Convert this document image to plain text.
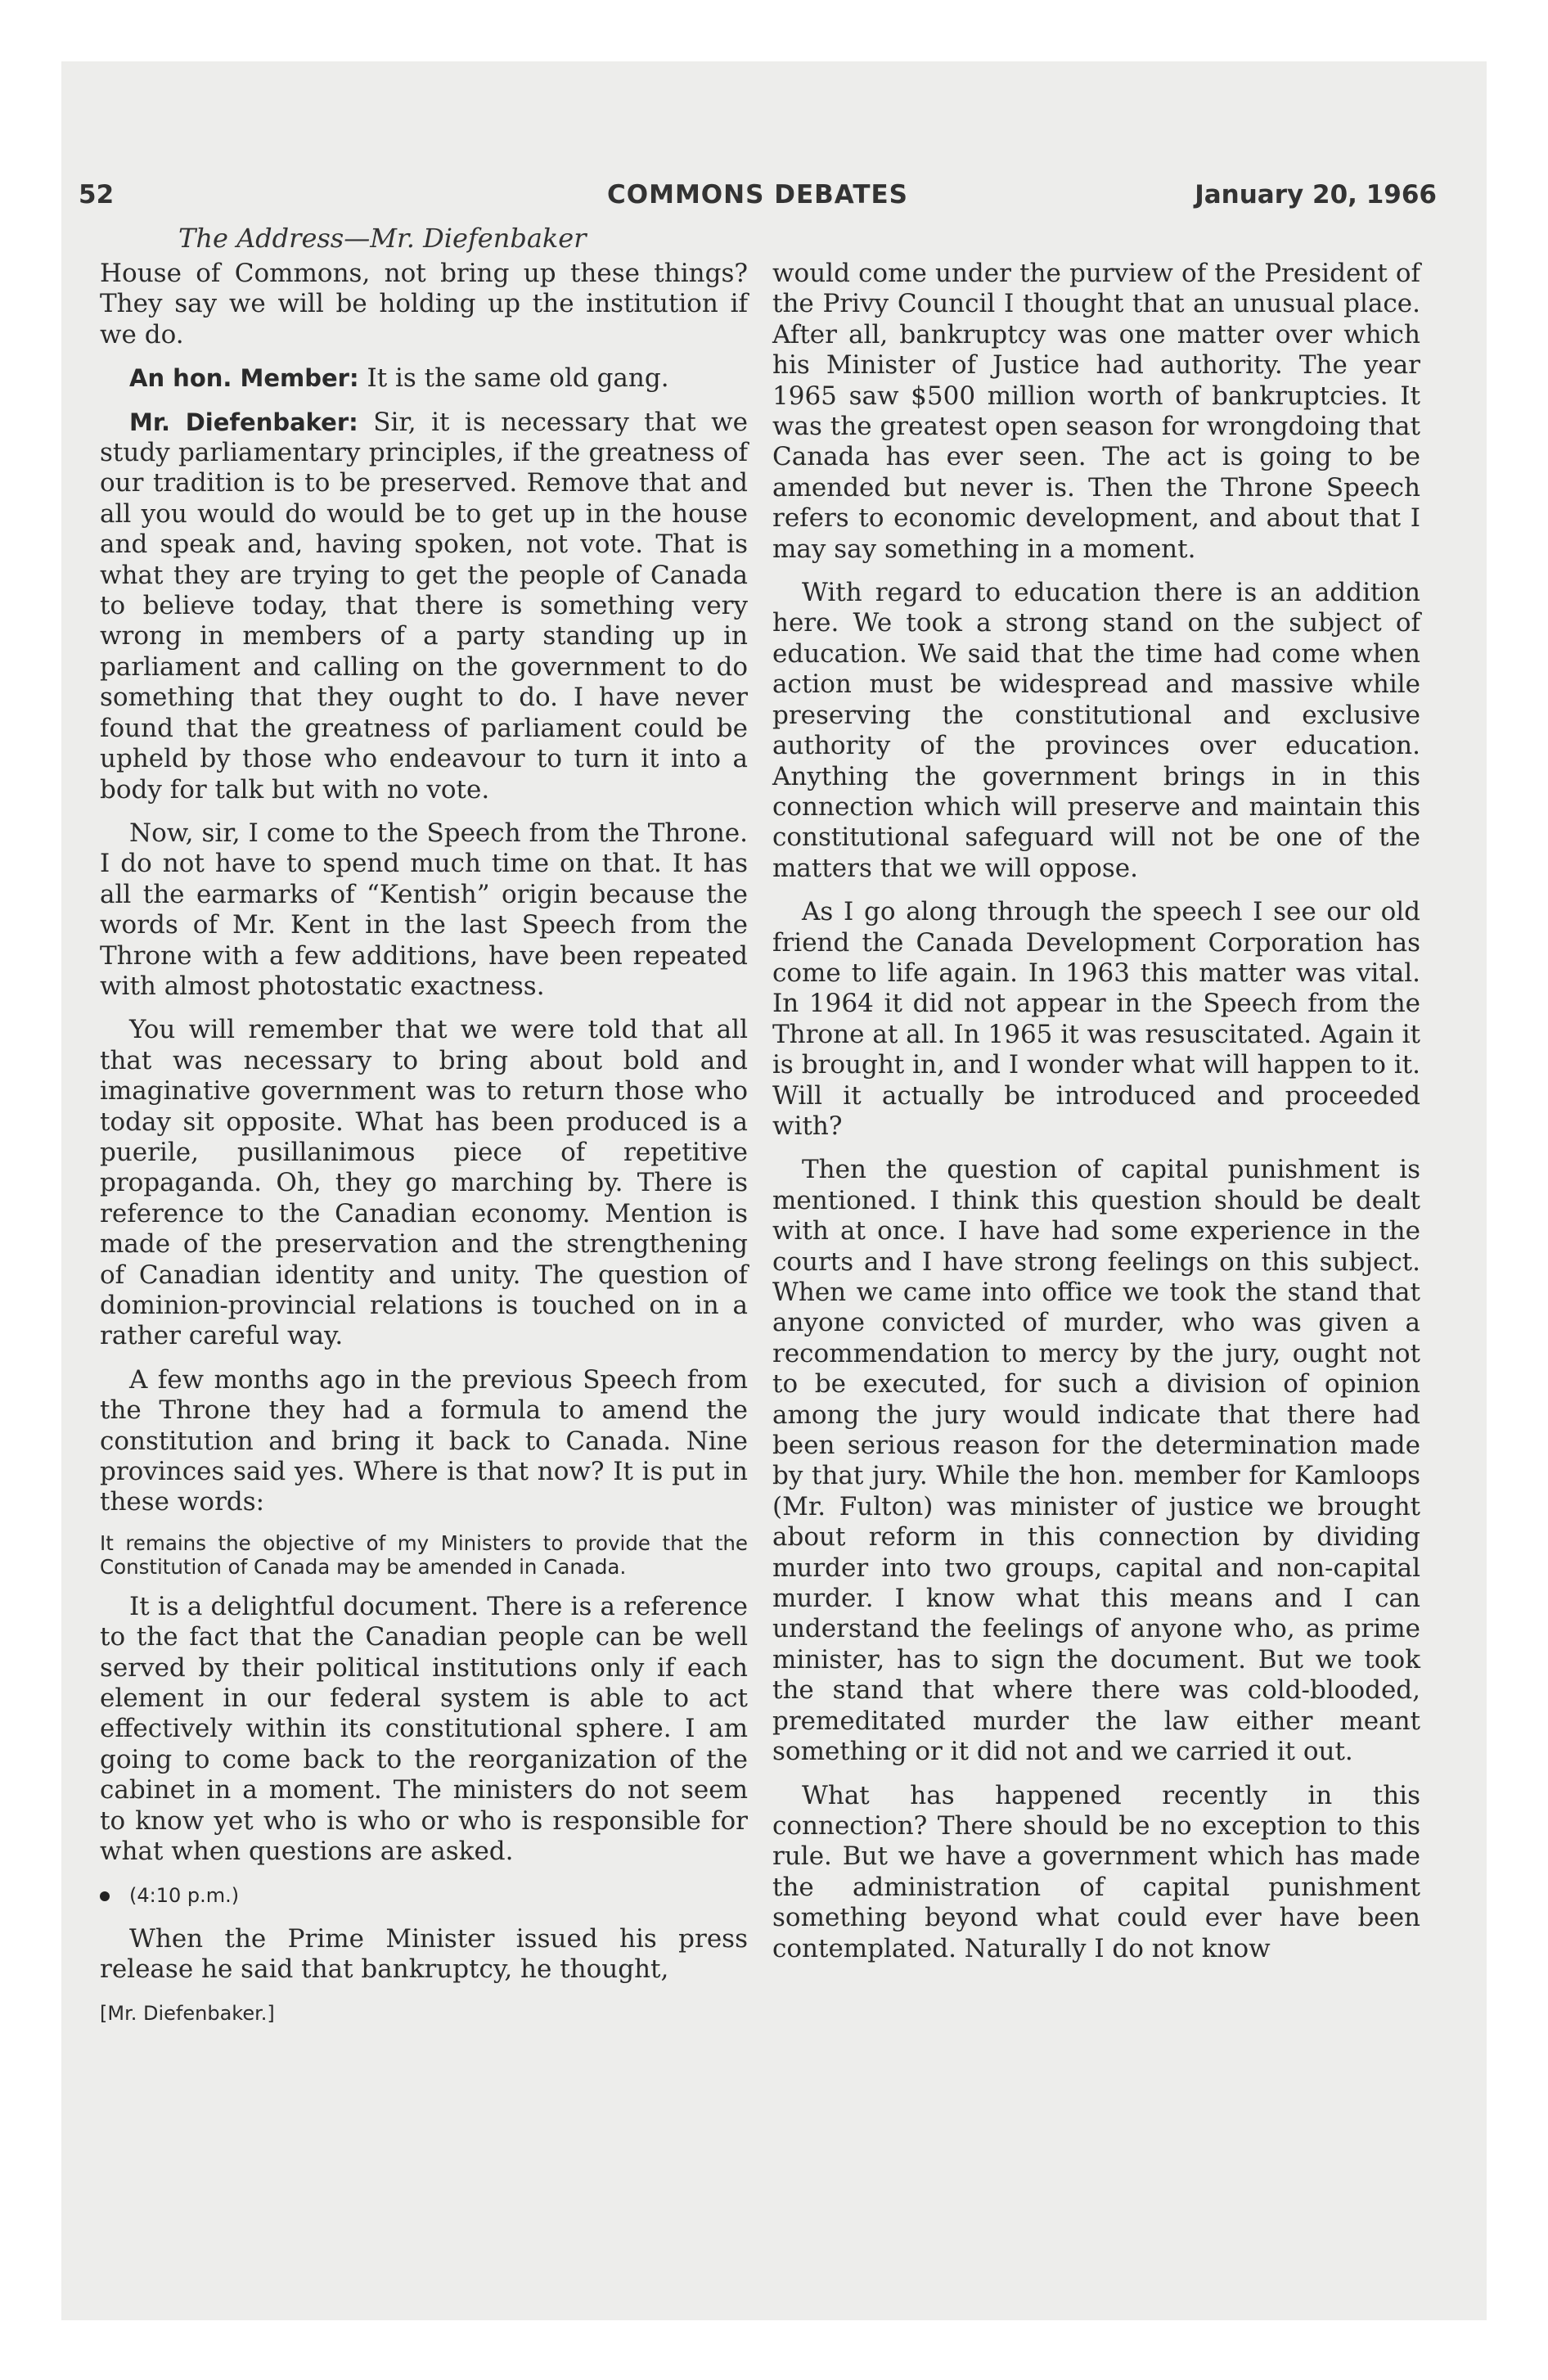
52	COMMONS DEBATES	January 20, 1966
The Address—Mr. Diefenbaker

House of Commons, not bring up these things? They say we will be holding up the institution if we do.

An hon. Member: It is the same old gang.

Mr. Diefenbaker: Sir, it is necessary that we study parliamentary principles, if the greatness of our tradition is to be preserved. Remove that and all you would do would be to get up in the house and speak and, having spoken, not vote. That is what they are trying to get the people of Canada to believe today, that there is something very wrong in members of a party standing up in parliament and calling on the government to do something that they ought to do. I have never found that the greatness of parliament could be upheld by those who endeavour to turn it into a body for talk but with no vote.

Now, sir, I come to the Speech from the Throne. I do not have to spend much time on that. It has all the earmarks of “Kentish” origin because the words of Mr. Kent in the last Speech from the Throne with a few additions, have been repeated with almost photostatic exactness.

You will remember that we were told that all that was necessary to bring about bold and imaginative government was to return those who today sit opposite. What has been produced is a puerile, pusillanimous piece of repetitive propaganda. Oh, they go marching by. There is reference to the Canadian economy. Mention is made of the preservation and the strengthening of Canadian identity and unity. The question of dominion-provincial relations is touched on in a rather careful way.

A few months ago in the previous Speech from the Throne they had a formula to amend the constitution and bring it back to Canada. Nine provinces said yes. Where is that now? It is put in these words:

It remains the objective of my Ministers to provide that the Constitution of Canada may be amended in Canada.

It is a delightful document. There is a reference to the fact that the Canadian people can be well served by their political institutions only if each element in our federal system is able to act effectively within its constitutional sphere. I am going to come back to the reorganization of the cabinet in a moment. The ministers do not seem to know yet who is who or who is responsible for what when questions are asked.

(4:10 p.m.)

When the Prime Minister issued his press release he said that bankruptcy, he thought,

[Mr. Diefenbaker.]

would come under the purview of the President of the Privy Council I thought that an unusual place. After all, bankruptcy was one matter over which his Minister of Justice had authority. The year 1965 saw $500 million worth of bankruptcies. It was the greatest open season for wrongdoing that Canada has ever seen. The act is going to be amended but never is. Then the Throne Speech refers to economic development, and about that I may say something in a moment.

With regard to education there is an addition here. We took a strong stand on the subject of education. We said that the time had come when action must be widespread and massive while preserving the constitutional and exclusive authority of the provinces over education. Anything the government brings in in this connection which will preserve and maintain this constitutional safeguard will not be one of the matters that we will oppose.

As I go along through the speech I see our old friend the Canada Development Corporation has come to life again. In 1963 this matter was vital. In 1964 it did not appear in the Speech from the Throne at all. In 1965 it was resuscitated. Again it is brought in, and I wonder what will happen to it. Will it actually be introduced and proceeded with?

Then the question of capital punishment is mentioned. I think this question should be dealt with at once. I have had some experience in the courts and I have strong feelings on this subject. When we came into office we took the stand that anyone convicted of murder, who was given a recommendation to mercy by the jury, ought not to be executed, for such a division of opinion among the jury would indicate that there had been serious reason for the determination made by that jury. While the hon. member for Kamloops (Mr. Fulton) was minister of justice we brought about reform in this connection by dividing murder into two groups, capital and non-capital murder. I know what this means and I can understand the feelings of anyone who, as prime minister, has to sign the document. But we took the stand that where there was cold-blooded, premeditated murder the law either meant something or it did not and we carried it out.

What has happened recently in this connection? There should be no exception to this rule. But we have a government which has made the administration of capital punishment something beyond what could ever have been contemplated. Naturally I do not know
